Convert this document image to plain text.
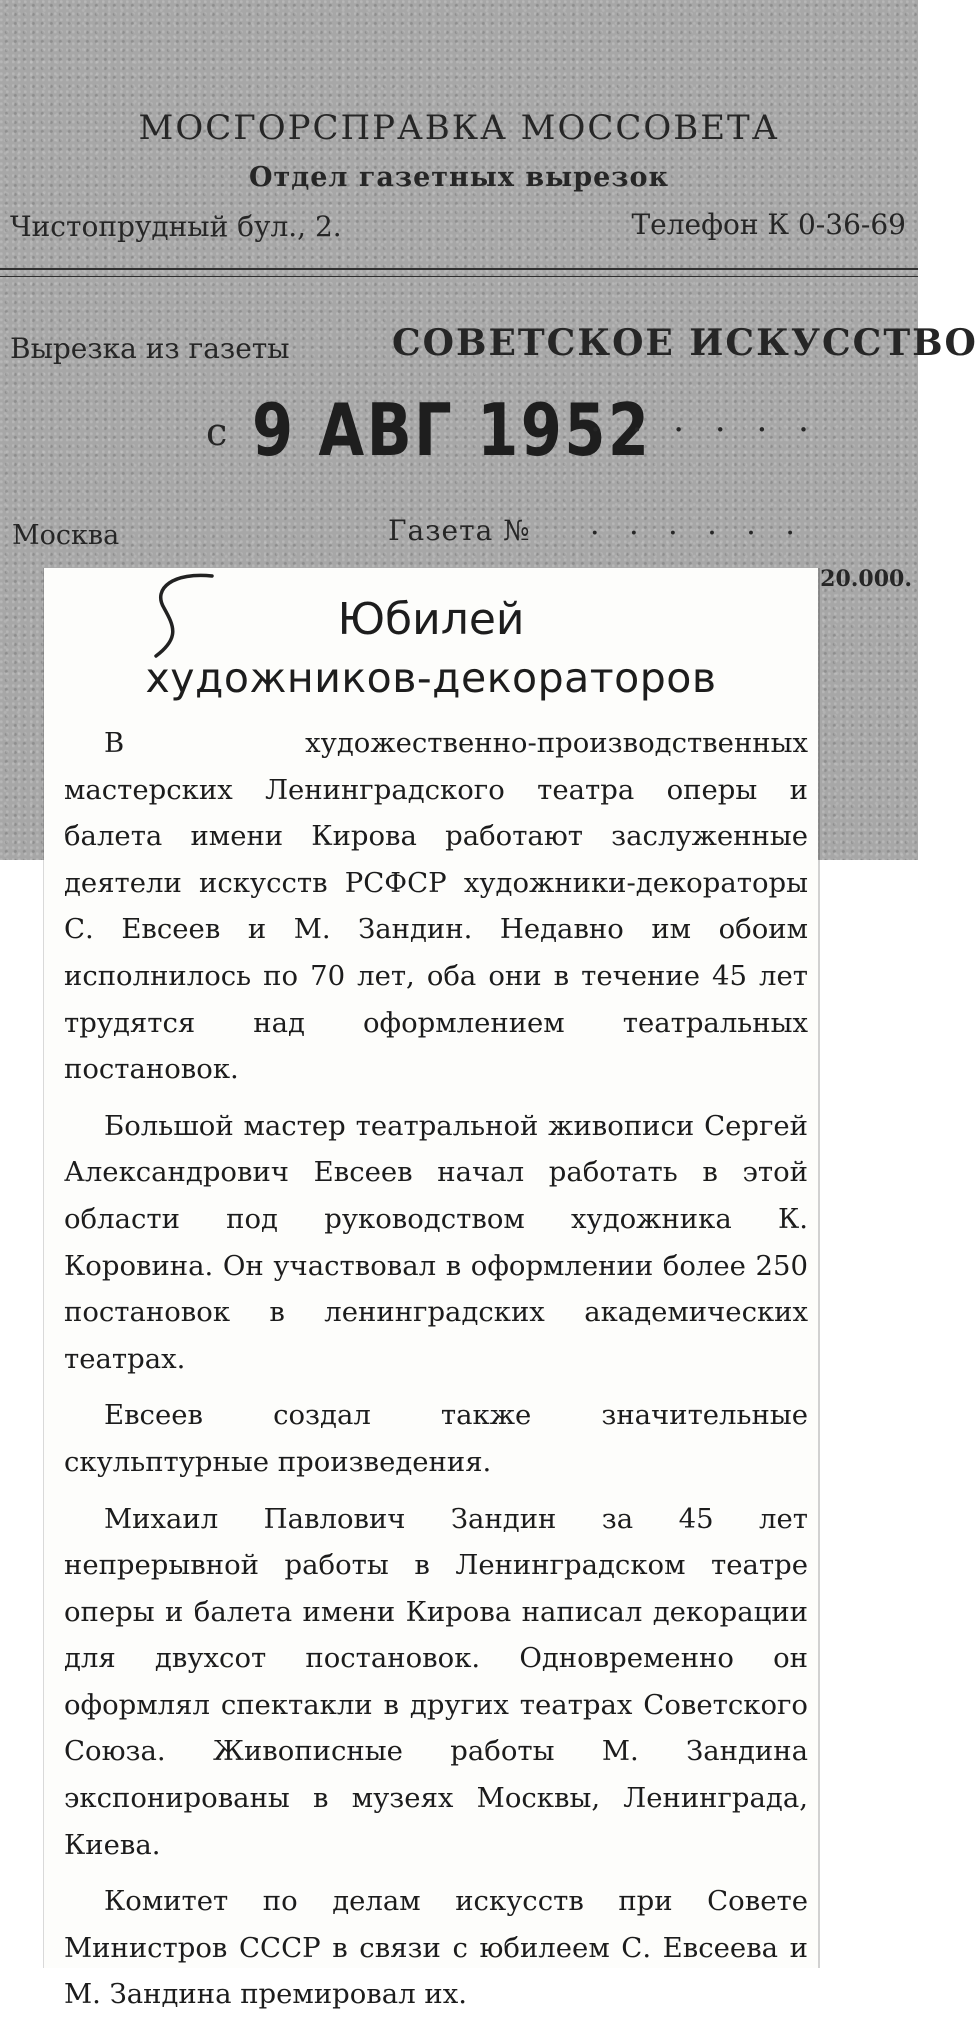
МОСГОРСПРАВКА МОССОВЕТА
Отдел газетных вырезок
Чистопрудный бул., 2.	Телефон К 0-36-69
Вырезка из газеты	СОВЕТСКОЕ ИСКУССТВО
с 9 АВГ 1952
· · · · · ·
Москва	Газета № · · · · · ·
20.000.
Юбилей
художников-декораторов

В художественно-производственных мастерских Ленинградского театра оперы и балета имени Кирова работают заслуженные деятели искусств РСФСР художники-декораторы С. Евсеев и М. Зандин. Недавно им обоим исполнилось по 70 лет, оба они в течение 45 лет трудятся над оформлением театральных постановок.

Большой мастер театральной живописи Сергей Александрович Евсеев начал работать в этой области под руководством художника К. Коровина. Он участвовал в оформлении более 250 постановок в ленинградских академических театрах.

Евсеев создал также значительные скульптурные произведения.

Михаил Павлович Зандин за 45 лет непрерывной работы в Ленинградском театре оперы и балета имени Кирова написал декорации для двухсот постановок. Одновременно он оформлял спектакли в других театрах Советского Союза. Живописные работы М. Зандина экспонированы в музеях Москвы, Ленинграда, Киева.

Комитет по делам искусств при Совете Министров СССР в связи с юбилеем С. Евсеева и М. Зандина премировал их.
